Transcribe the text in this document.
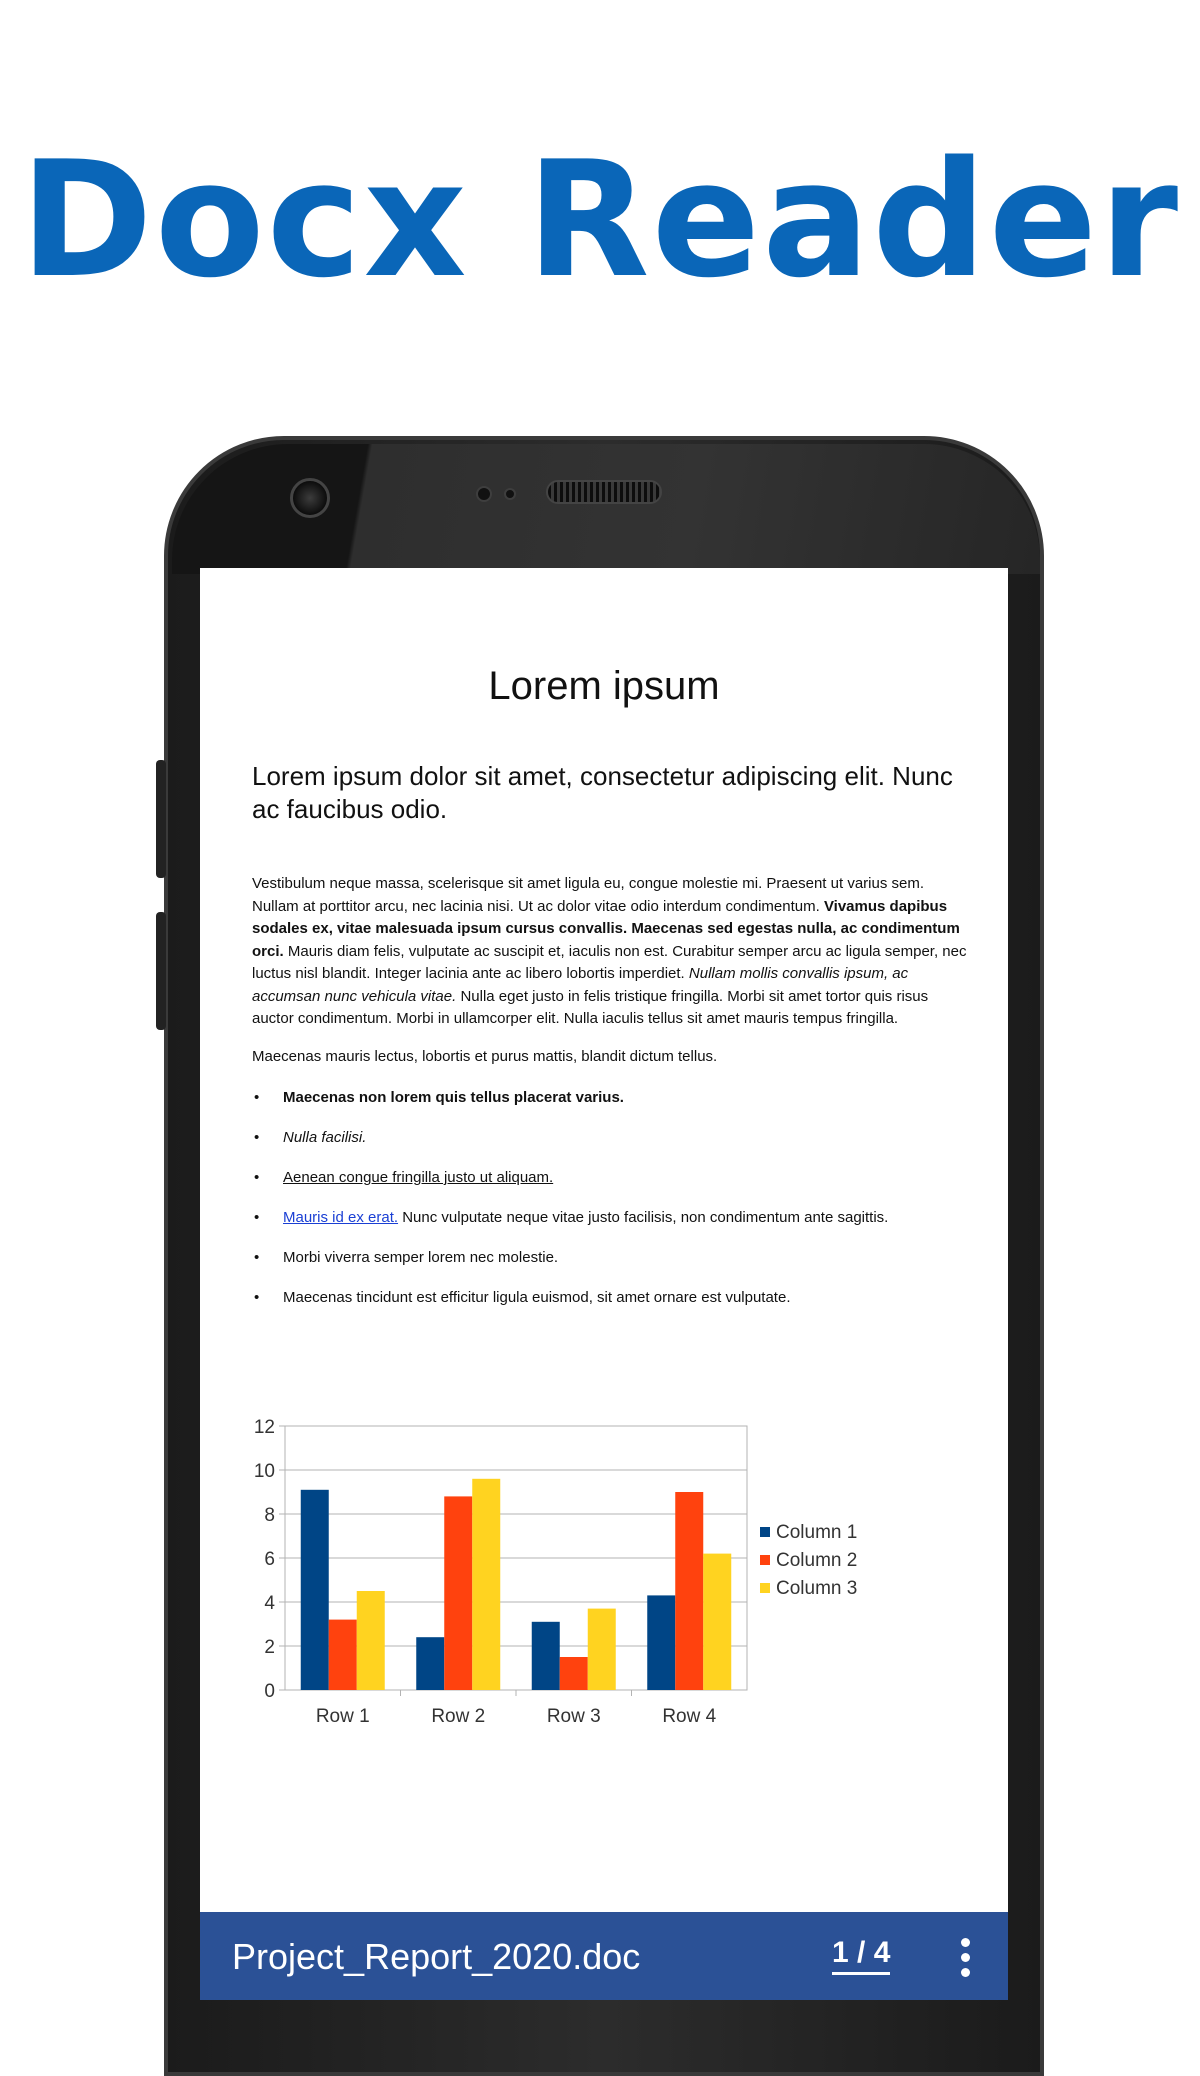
Docx Reader
Lorem ipsum
Lorem ipsum dolor sit amet, consectetur adipiscing elit. Nunc ac faucibus odio.
Vestibulum neque massa, scelerisque sit amet ligula eu, congue molestie mi. Praesent ut varius sem. Nullam at porttitor arcu, nec lacinia nisi. Ut ac dolor vitae odio interdum condimentum. Vivamus dapibus sodales ex, vitae malesuada ipsum cursus convallis. Maecenas sed egestas nulla, ac condimentum orci. Mauris diam felis, vulputate ac suscipit et, iaculis non est. Curabitur semper arcu ac ligula semper, nec luctus nisl blandit. Integer lacinia ante ac libero lobortis imperdiet. Nullam mollis convallis ipsum, ac accumsan nunc vehicula vitae. Nulla eget justo in felis tristique fringilla. Morbi sit amet tortor quis risus auctor condimentum. Morbi in ullamcorper elit. Nulla iaculis tellus sit amet mauris tempus fringilla.
Maecenas mauris lectus, lobortis et purus mattis, blandit dictum tellus.
• Maecenas non lorem quis tellus placerat varius.
• Nulla facilisi.
• Aenean congue fringilla justo ut aliquam.
• Mauris id ex erat. Nunc vulputate neque vitae justo facilisis, non condimentum ante sagittis.
• Morbi viverra semper lorem nec molestie.
• Maecenas tincidunt est efficitur ligula euismod, sit amet ornare est vulputate.
0
2
4
6
8
10
12
Row 1	Row 2	Row 3	Row 4
Column 1
Column 2
Column 3
Project_Report_2020.doc	1 / 4
